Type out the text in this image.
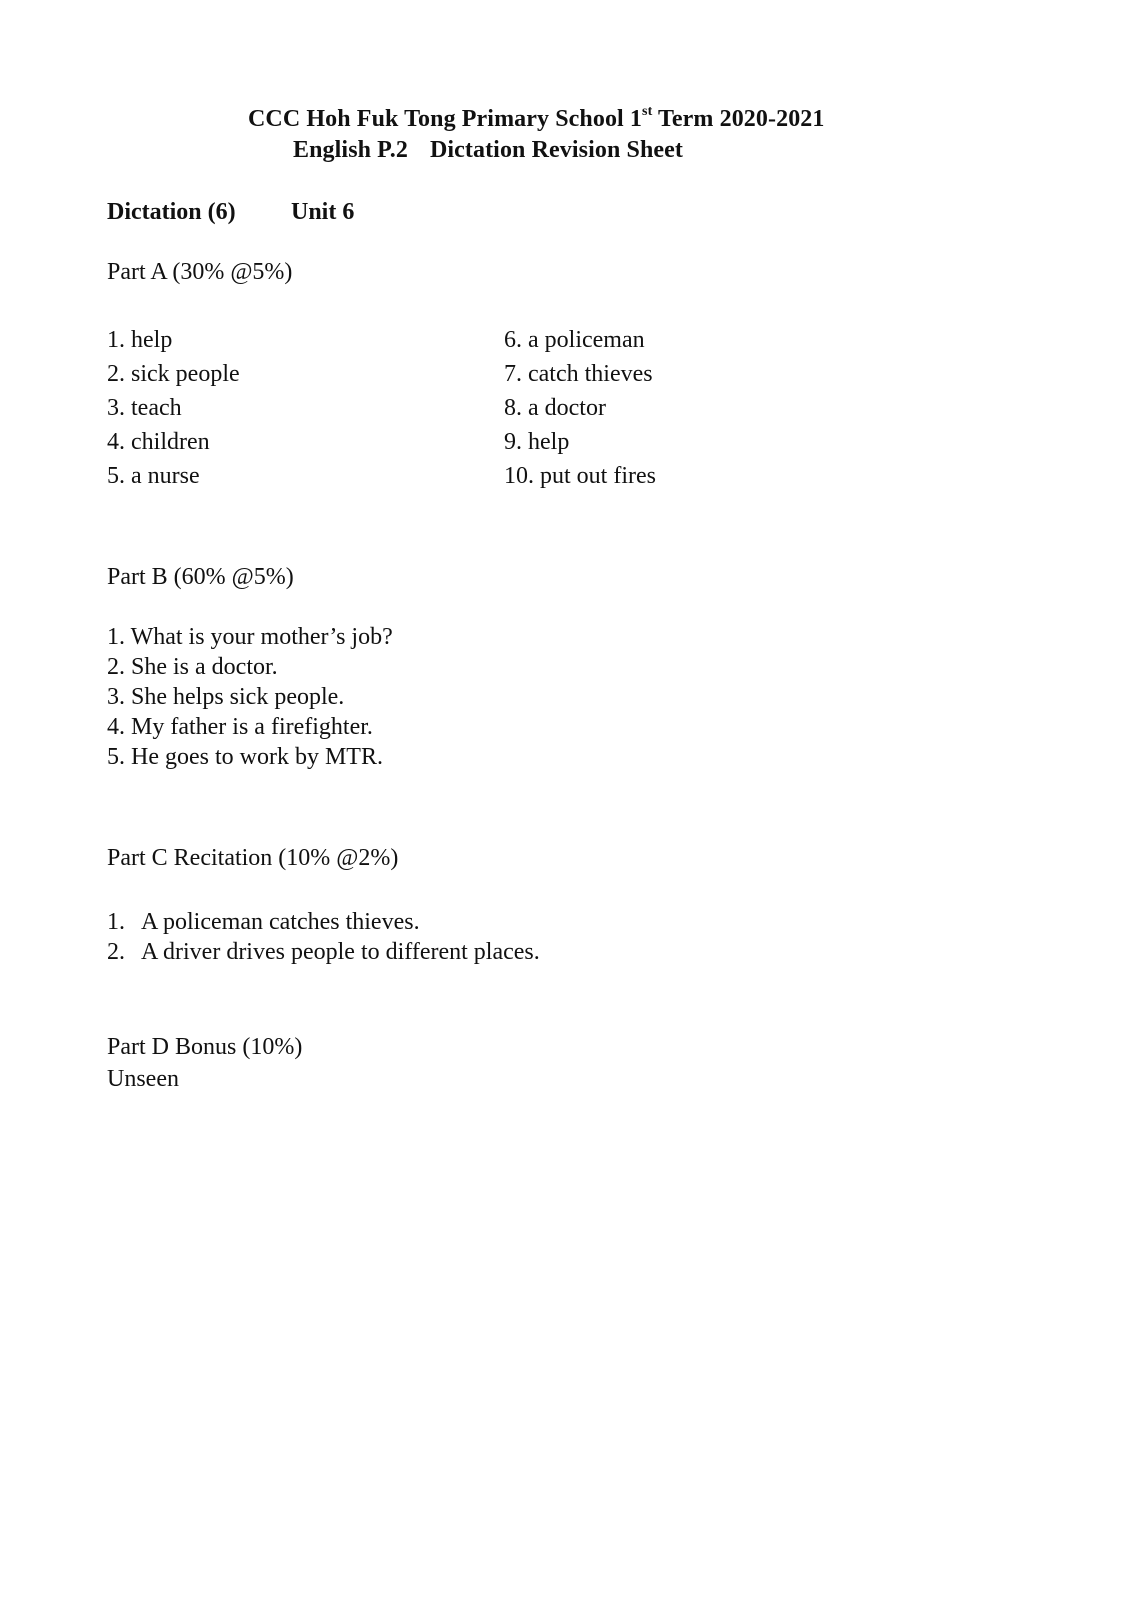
CCC Hoh Fuk Tong Primary School 1st Term 2020-2021
English P.2 Dictation Revision Sheet
Dictation (6) Unit 6
Part A (30% @5%)
1. help
2. sick people
3. teach
4. children
5. a nurse
6. a policeman
7. catch thieves
8. a doctor
9. help
10. put out fires
Part B (60% @5%)
1. What is your mother’s job?
2. She is a doctor.
3. She helps sick people.
4. My father is a firefighter.
5. He goes to work by MTR.
Part C Recitation (10% @2%)
1. A policeman catches thieves.
2. A driver drives people to different places.
Part D Bonus (10%)
Unseen
